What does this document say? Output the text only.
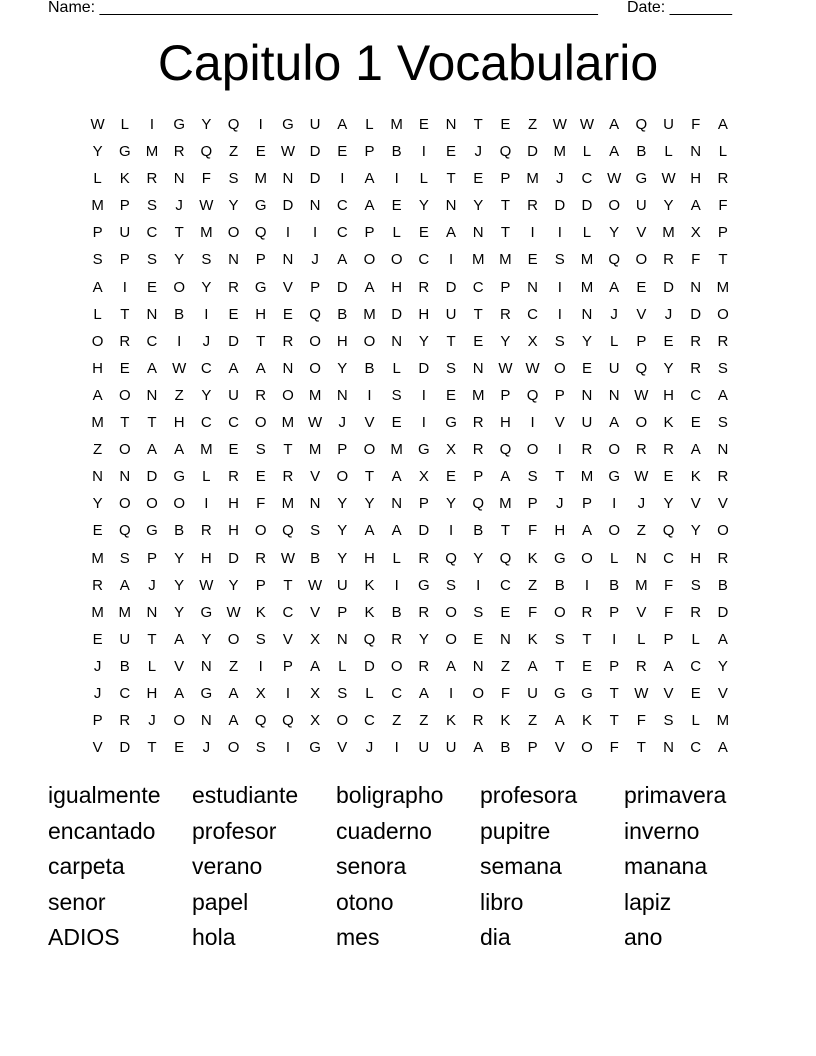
Name: ________________________________________________________ Date: _______
Capitulo 1 Vocabulario
W	L	I	G	Y	Q	I	G	U	A	L	M	E	N	T	E	Z	W W	A	Q	U	F	A
Y	G	M	R	Q	Z	E	W D	E	P	B	I	E	J	Q	D	M	L	A	B	L	N	L
L	K	R	N	F	S	M	N	D	I	A	I	L	T	E	P	M	J	C W G W H	R
M	P	S	J	W	Y	G	D	N	C	A	E	Y	N	Y	T	R	D	D	O	U	Y	A	F
P	U	C	T	M	O	Q	I	I	C	P	L	E	A	N	T	I	I	L	Y	V	M	X	P
S	P	S	Y	S	N	P	N	J	A	O	O	C	I	M M	E	S	M	Q	O	R	F	T
A	I	E	O	Y	R	G	V	P	D	A	H	R	D	C	P	N	I	M	A	E	D	N	M
L	T	N	B	I	E	H	E	Q	B	M	D	H	U	T	R	C	I	N	J	V	J	D	O
O	R	C	I	J	D	T	R	O	H	O	N	Y	T	E	Y	X	S	Y	L	P	E	R	R
H	E	A	W C	A	A	N	O	Y	B	L	D	S	N W W O	E	U	Q	Y	R	S
A	O	N	Z	Y	U	R	O	M	N	I	S	I	E	M	P	Q	P	N	N W H	C	A
M	T	T	H	C	C	O	M W	J	V	E	I	G	R	H	I	V	U	A	O	K	E	S
Z	O	A	A	M	E	S	T	M	P	O	M	G	X	R	Q	O	I	R	O	R	R	A	N
N	N	D	G	L	R	E	R	V	O	T	A	X	E	P	A	S	T	M	G W	E	K	R
Y	O	O	O	I	H	F	M	N	Y	Y	N	P	Y	Q	M	P	J	P	I	J	Y	V	V
E	Q	G	B	R	H	O	Q	S	Y	A	A	D	I	B	T	F	H	A	O	Z	Q	Y	O
M	S	P	Y	H	D	R W	B	Y	H	L	R	Q	Y	Q	K	G	O	L	N	C	H	R
R	A	J	Y	W	Y	P	T	W U	K	I	G	S	I	C	Z	B	I	B	M	F	S	B
M M	N	Y	G W	K	C	V	P	K	B	R	O	S	E	F	O	R	P	V	F	R	D
E	U	T	A	Y	O	S	V	X	N	Q	R	Y	O	E	N	K	S	T	I	L	P	L	A
J	B	L	V	N	Z	I	P	A	L	D	O	R	A	N	Z	A	T	E	P	R	A	C	Y
J	C	H	A	G	A	X	I	X	S	L	C	A	I	O	F	U	G	G	T	W	V	E	V
P	R	J	O	N	A	Q	Q	X	O	C	Z	Z	K	R	K	Z	A	K	T	F	S	L	M
V	D	T	E	J	O	S	I	G	V	J	I	U	U	A	B	P	V	O	F	T	N	C	A
igualmente	estudiante	boligrapho	profesora	primavera
encantado	profesor	cuaderno	pupitre	inverno
carpeta	verano	senora	semana	manana
senor	papel	otono	libro	lapiz
ADIOS	hola	mes	dia	ano
